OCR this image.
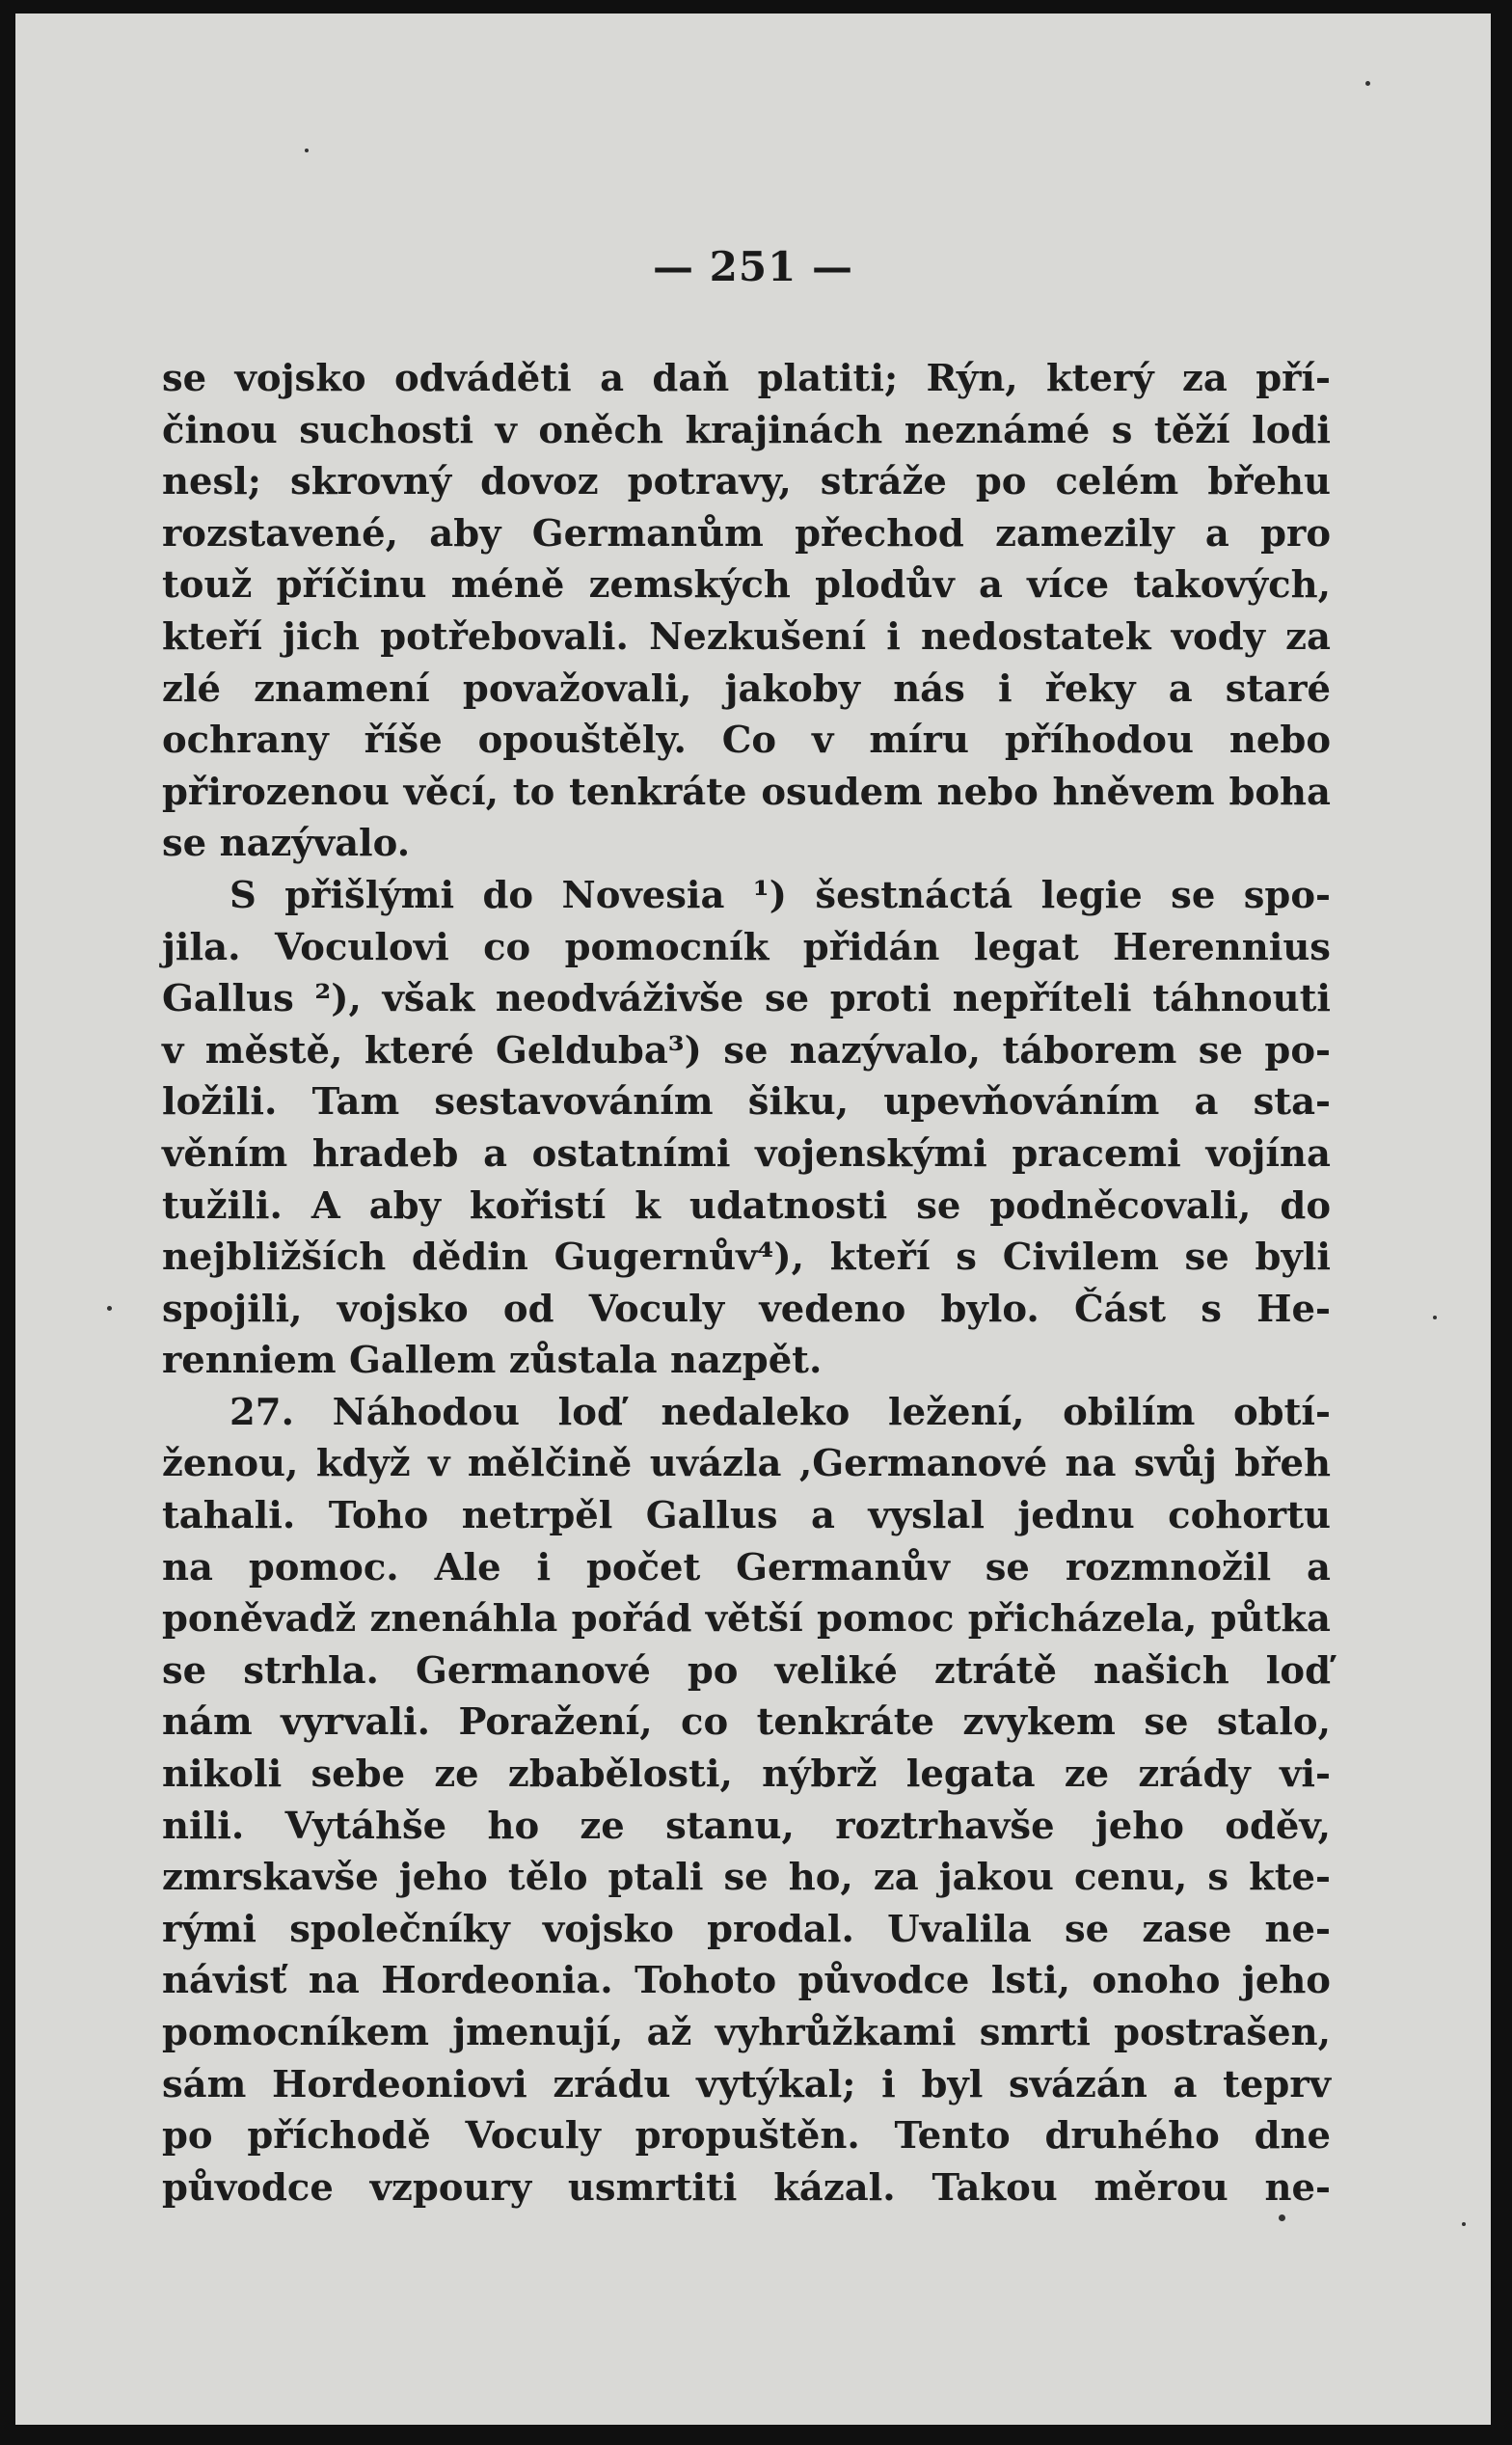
— 251 —
se vojsko odváděti a daň platiti; Rýn, který za pří-
činou suchosti v oněch krajinách neznámé s těží lodi
nesl; skrovný dovoz potravy, stráže po celém břehu
rozstavené, aby Germanům přechod zamezily a pro
touž příčinu méně zemských plodův a více takových,
kteří jich potřebovali. Nezkušení i nedostatek vody za
zlé znamení považovali, jakoby nás i řeky a staré
ochrany říše opouštěly. Co v míru příhodou nebo
přirozenou věcí, to tenkráte osudem nebo hněvem boha
se nazývalo.
S přišlými do Novesia ¹) šestnáctá legie se spo-
jila. Voculovi co pomocník přidán legat Herennius
Gallus ²), však neodváživše se proti nepříteli táhnouti
v městě, které Gelduba³) se nazývalo, táborem se po-
ložili. Tam sestavováním šiku, upevňováním a sta-
věním hradeb a ostatními vojenskými pracemi vojína
tužili. A aby kořistí k udatnosti se podněcovali, do
nejbližších dědin Gugernův⁴), kteří s Civilem se byli
spojili, vojsko od Voculy vedeno bylo. Část s He-
renniem Gallem zůstala nazpět.
27. Náhodou loď nedaleko ležení, obilím obtí-
ženou, když v mělčině uvázla ,Germanové na svůj břeh
tahali. Toho netrpěl Gallus a vyslal jednu cohortu
na pomoc. Ale i počet Germanův se rozmnožil a
poněvadž znenáhla pořád větší pomoc přicházela, půtka
se strhla. Germanové po veliké ztrátě našich loď
nám vyrvali. Poražení, co tenkráte zvykem se stalo,
nikoli sebe ze zbabělosti, nýbrž legata ze zrády vi-
nili. Vytáhše ho ze stanu, roztrhavše jeho oděv,
zmrskavše jeho tělo ptali se ho, za jakou cenu, s kte-
rými společníky vojsko prodal. Uvalila se zase ne-
návisť na Hordeonia. Tohoto původce lsti, onoho jeho
pomocníkem jmenují, až vyhrůžkami smrti postrašen,
sám Hordeoniovi zrádu vytýkal; i byl svázán a teprv
po příchodě Voculy propuštěn. Tento druhého dne
původce vzpoury usmrtiti kázal. Takou měrou ne-
